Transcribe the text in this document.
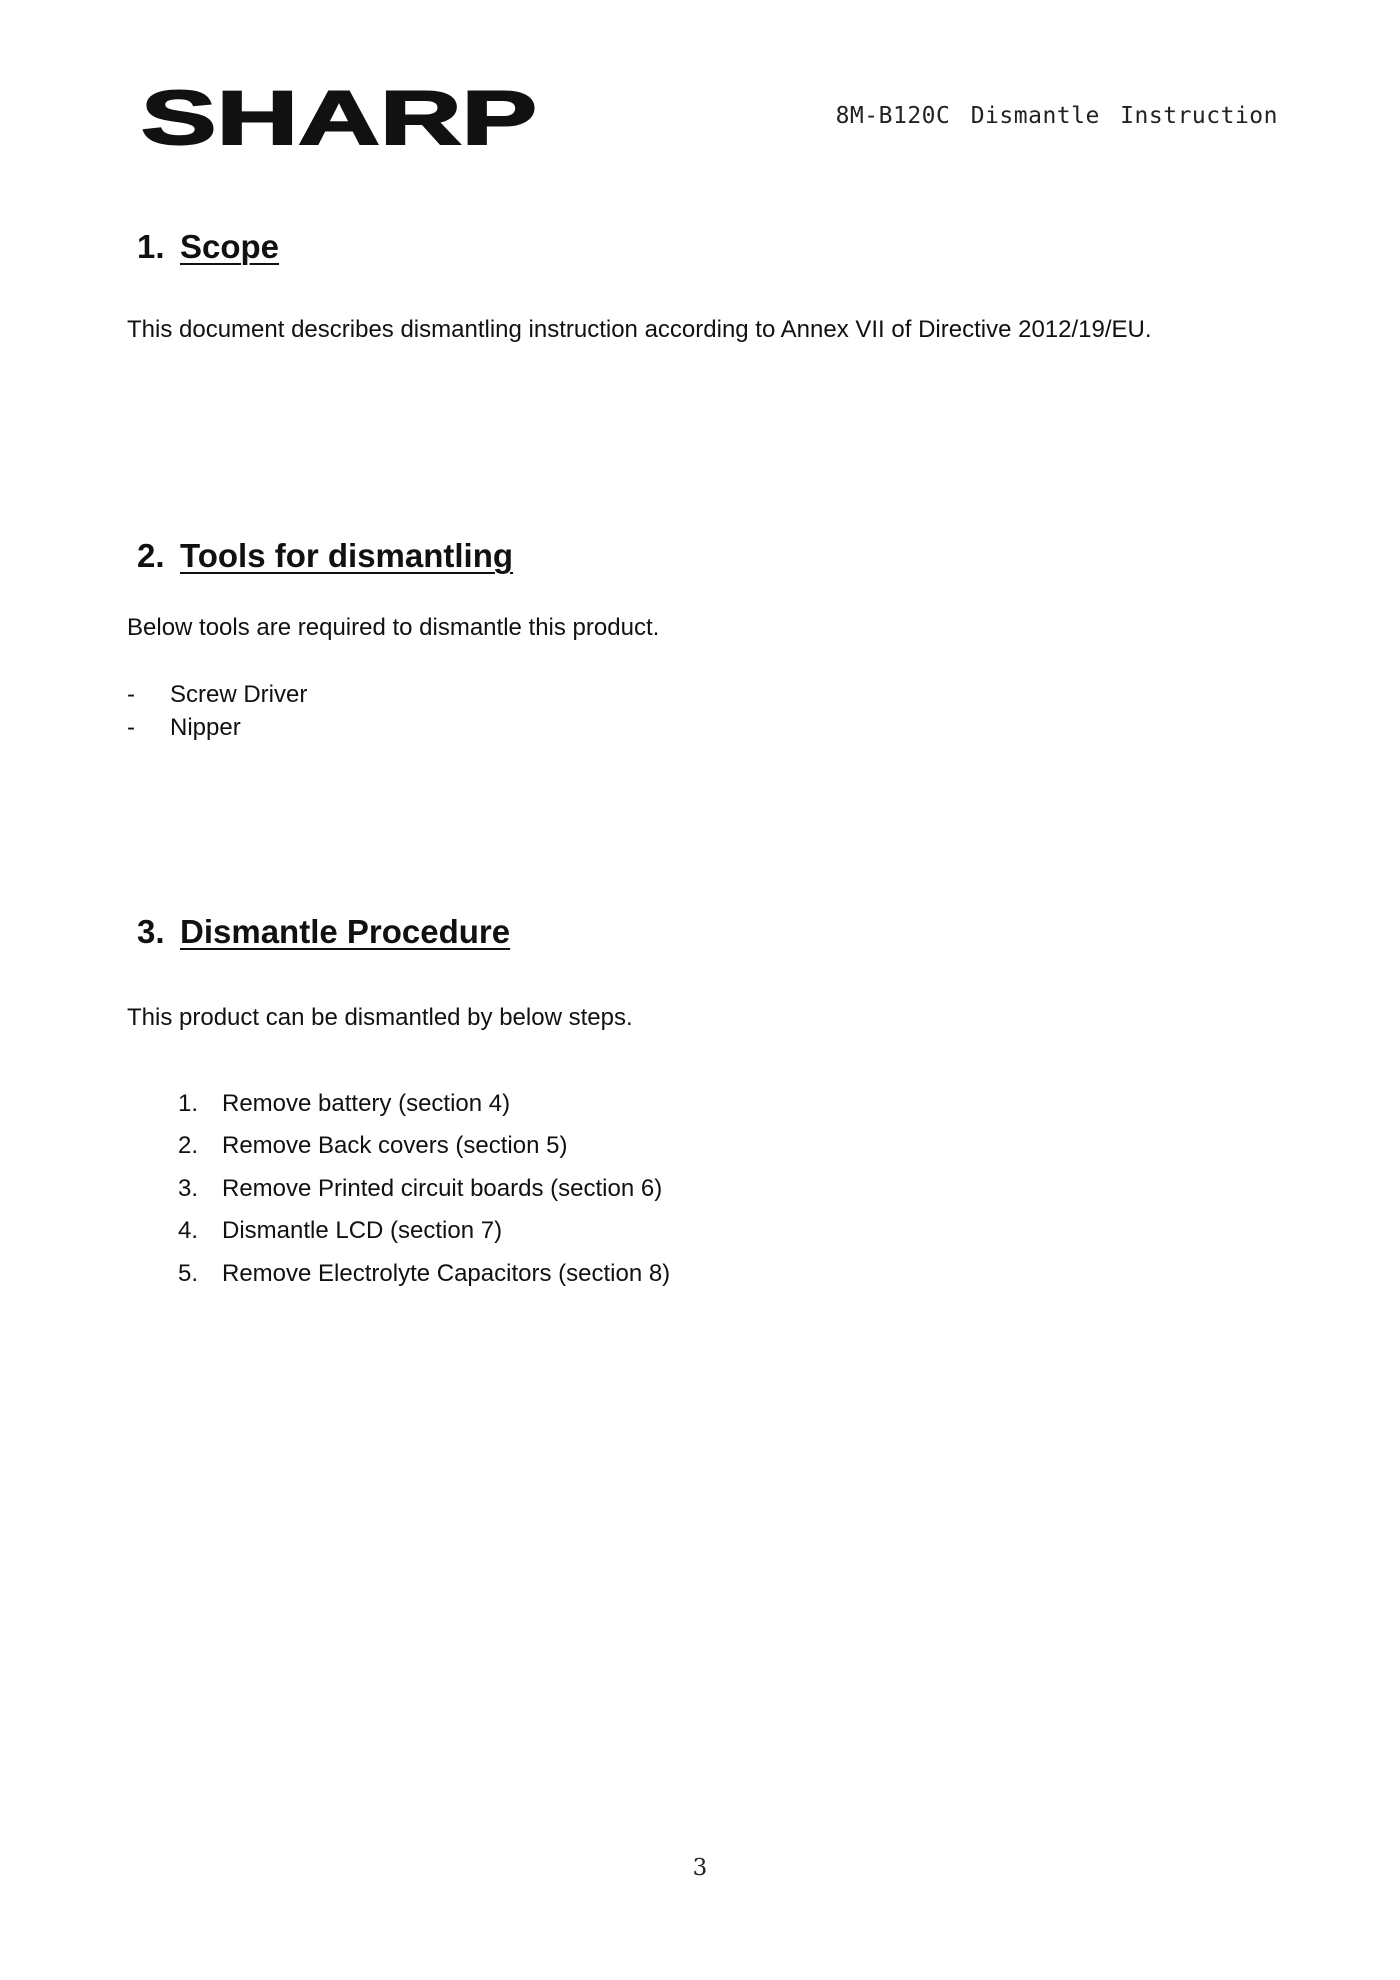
SHARP	8M-B120C Dismantle Instruction
1. Scope
This document describes dismantling instruction according to Annex VII of Directive 2012/19/EU.
2. Tools for dismantling
Below tools are required to dismantle this product.
- Screw Driver
- Nipper
3. Dismantle Procedure
This product can be dismantled by below steps.
1. Remove battery (section 4)
2. Remove Back covers (section 5)
3. Remove Printed circuit boards (section 6)
4. Dismantle LCD (section 7)
5. Remove Electrolyte Capacitors (section 8)
3
